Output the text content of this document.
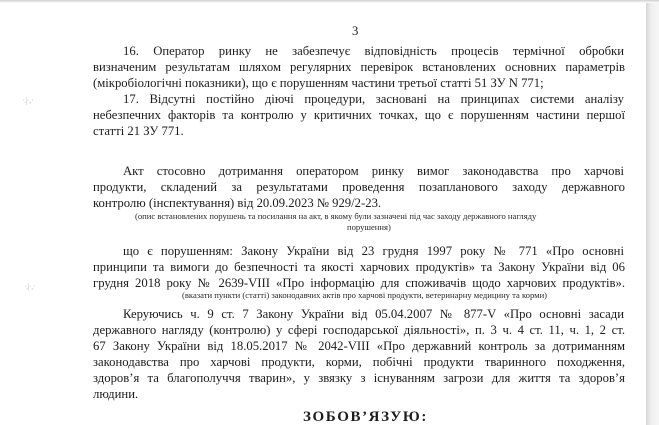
3
16. Оператор ринку не забезпечує відповідність процесів термічної обробки
визначеним результатам шляхом регулярних перевірок встановлених основних параметрів
(мікробіологічні показники), що є порушенням частини третьої статті 51 ЗУ N 771;
17. Відсутні постійно діючі процедури, засновані на принципах системи аналізу
небезпечних факторів та контролю у критичних точках, що є порушенням частини першої
статті 21 ЗУ 771.
Акт стосовно дотримання оператором ринку вимог законодавства про харчові
продукти, складений за результатами проведення позапланового заходу державного
контролю (інспектування) від 20.09.2023 № 929/2-23.
(опис встановлених порушень та посилання на акт, в якому були зазначені під час заходу державного нагляду
порушення)
що є порушенням: Закону України від 23 грудня 1997 року № 771 «Про основні
принципи та вимоги до безпечності та якості харчових продуктів» та Закону України від 06
грудня 2018 року № 2639-VIII «Про інформацію для споживачів щодо харчових продуктів».
(вказати пункти (статті) законодавчих актів про харчові продукти, ветеринарну медицину та корми)
Керуючись ч. 9 ст. 7 Закону України від 05.04.2007 № 877-V «Про основні засади
державного нагляду (контролю) у сфері господарської діяльності», п. 3 ч. 4 ст. 11, ч. 1, 2 ст.
67 Закону України від 18.05.2017 № 2042-VIII «Про державний контроль за дотриманням
законодавства про харчові продукти, корми, побічні продукти тваринного походження,
здоров’я та благополуччя тварин», у звязку з існуванням загрози для життя та здоров’я
людини.
ЗОБОВ’ЯЗУЮ:
·.|·‚·
·.|·‚·
